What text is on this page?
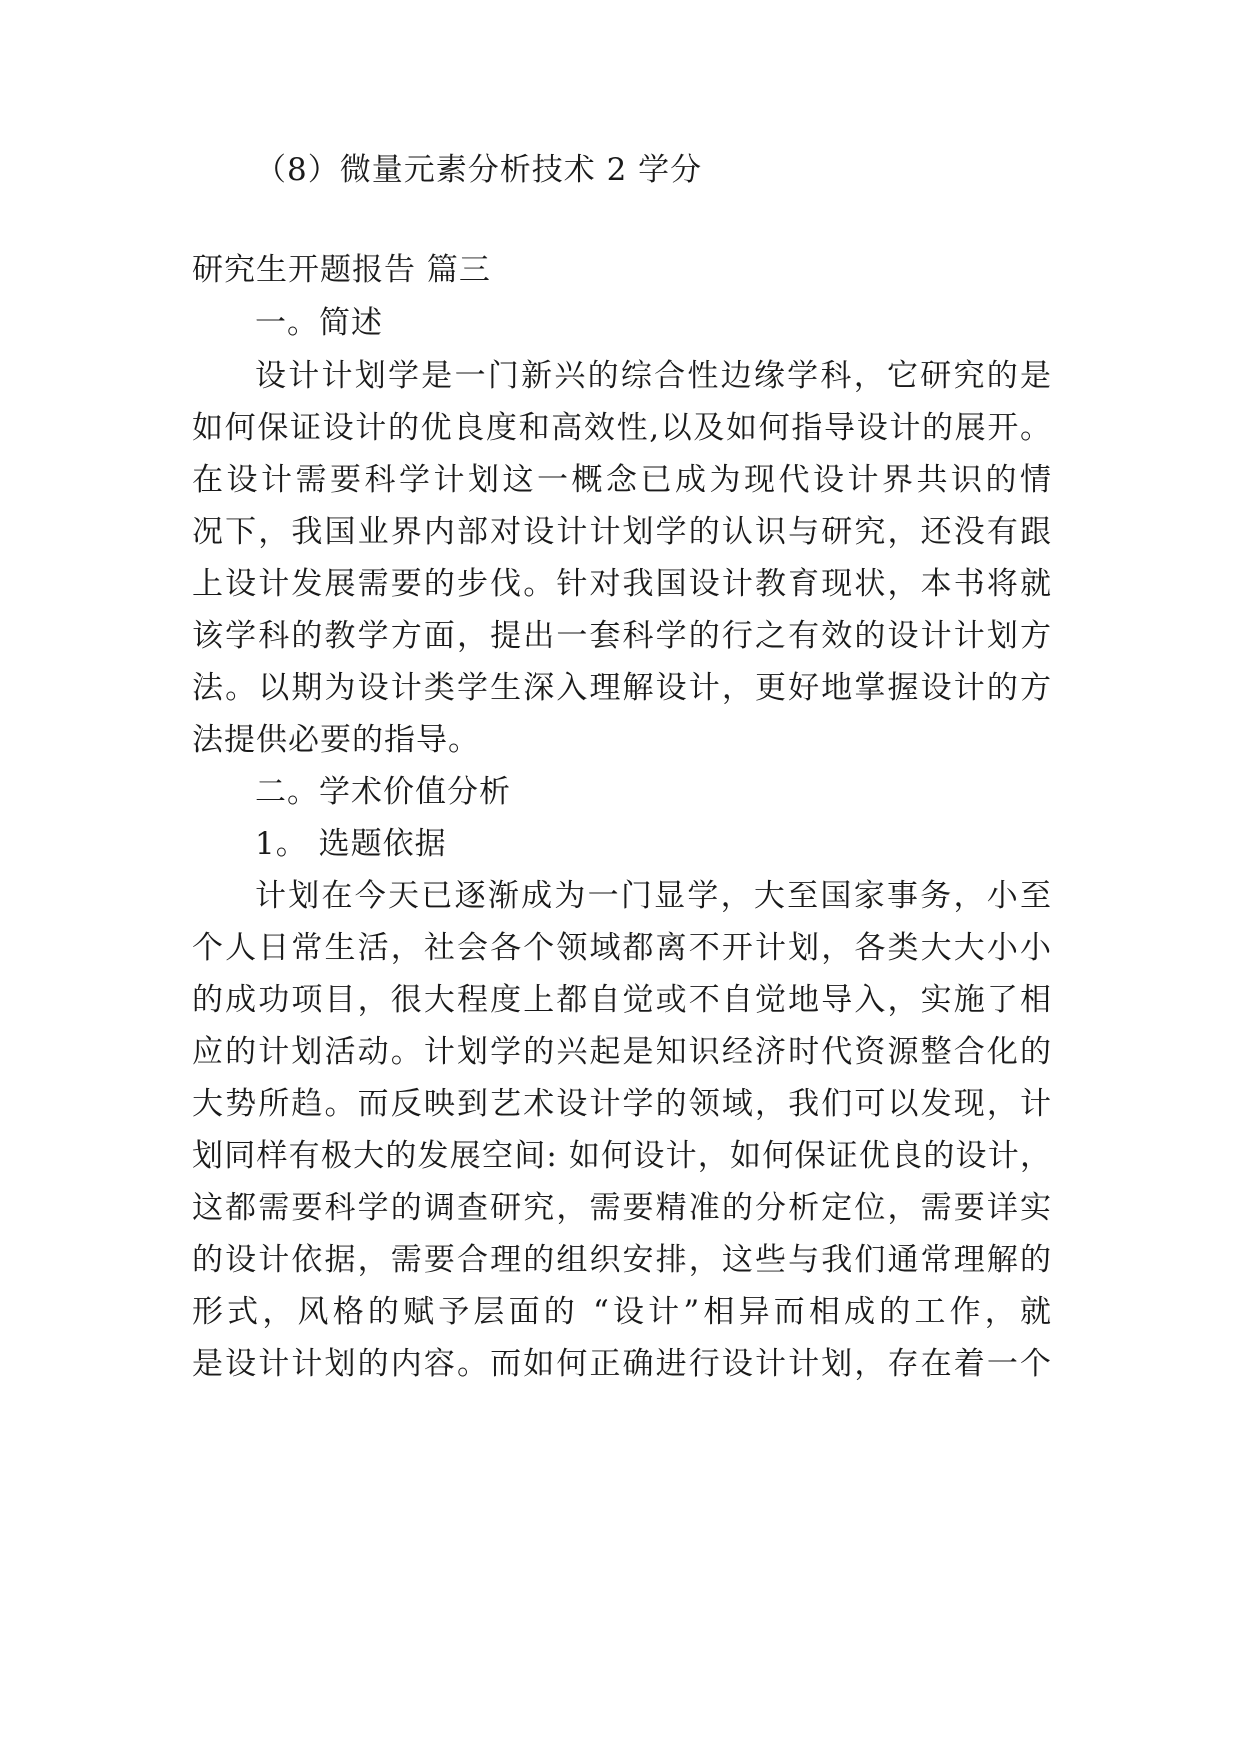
（8）微量元素分析技术 2 学分
研究生开题报告 篇三
一。简述
设计计划学是一门新兴的综合性边缘学科，它研究的是
如何保证设计的优良度和高效性,以及如何指导设计的展开。
在设计需要科学计划这一概念已成为现代设计界共识的情
况下，我国业界内部对设计计划学的认识与研究，还没有跟
上设计发展需要的步伐。针对我国设计教育现状，本书将就
该学科的教学方面，提出一套科学的行之有效的设计计划方
法。以期为设计类学生深入理解设计，更好地掌握设计的方
法提供必要的指导。
二。学术价值分析
1。 选题依据
计划在今天已逐渐成为一门显学，大至国家事务，小至
个人日常生活，社会各个领域都离不开计划，各类大大小小
的成功项目，很大程度上都自觉或不自觉地导入，实施了相
应的计划活动。计划学的兴起是知识经济时代资源整合化的
大势所趋。而反映到艺术设计学的领域，我们可以发现，计
划同样有极大的发展空间: 如何设计，如何保证优良的设计，
这都需要科学的调查研究，需要精准的分析定位，需要详实
的设计依据，需要合理的组织安排，这些与我们通常理解的
形式，风格的赋予层面的 “设计”相异而相成的工作，就
是设计计划的内容。而如何正确进行设计计划，存在着一个
